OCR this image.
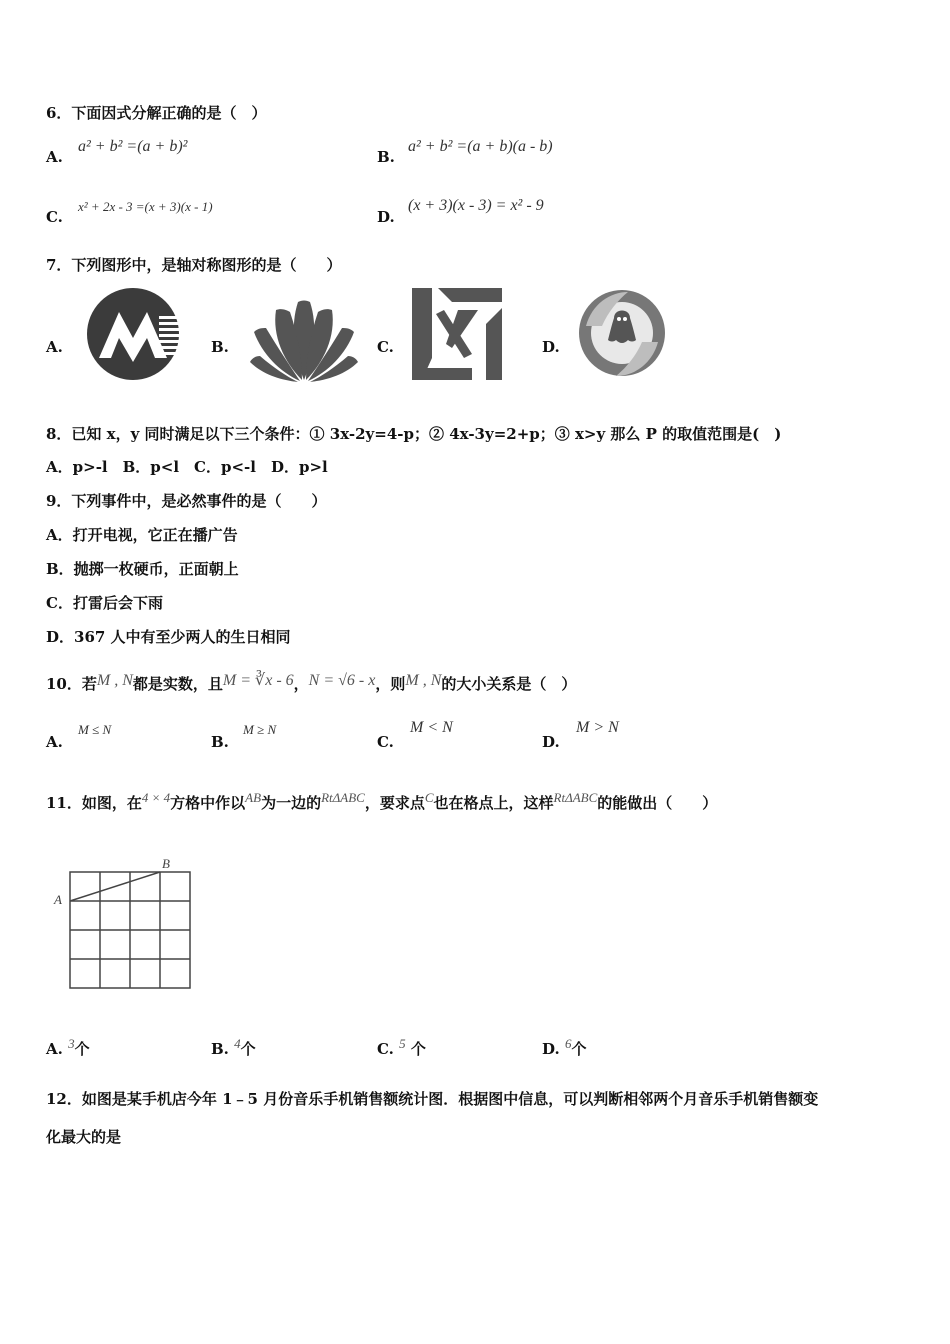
6．下面因式分解正确的是（　）
A.
a² + b² =(a + b)²
B.
a² + b² =(a + b)(a - b)
C.
x² + 2x - 3 =(x + 3)(x - 1)
D.
(x + 3)(x - 3) = x² - 9
7．下列图形中，是轴对称图形的是（　　）
A.	B.	C.	D.
8．已知 x，y 同时满足以下三个条件：① 3x-2y=4-p；② 4x-3y=2+p；③ x>y 那么 P 的取值范围是(　)
A．p>-l　B．p<l　C．p<-l　D．p>l
9．下列事件中，是必然事件的是（　　）
A．打开电视，它正在播广告
B．抛掷一枚硬币，正面朝上
C．打雷后会下雨
D．367 人中有至少两人的生日相同
10．若M , N都是实数，且M = ∛x - 6，N = √6 - x，则M , N的大小关系是（　）
A.
M ≤ N
B.
M ≥ N
C.
M < N
D.
M > N
11．如图，在4 × 4方格中作以AB为一边的RtΔABC，要求点C也在格点上，这样RtΔABC的能做出（　　）
A
B
A. 3个	B. 4个	C. 5 个	D. 6个
12．如图是某手机店今年 1﹣5 月份音乐手机销售额统计图．根据图中信息，可以判断相邻两个月音乐手机销售额变
化最大的是
